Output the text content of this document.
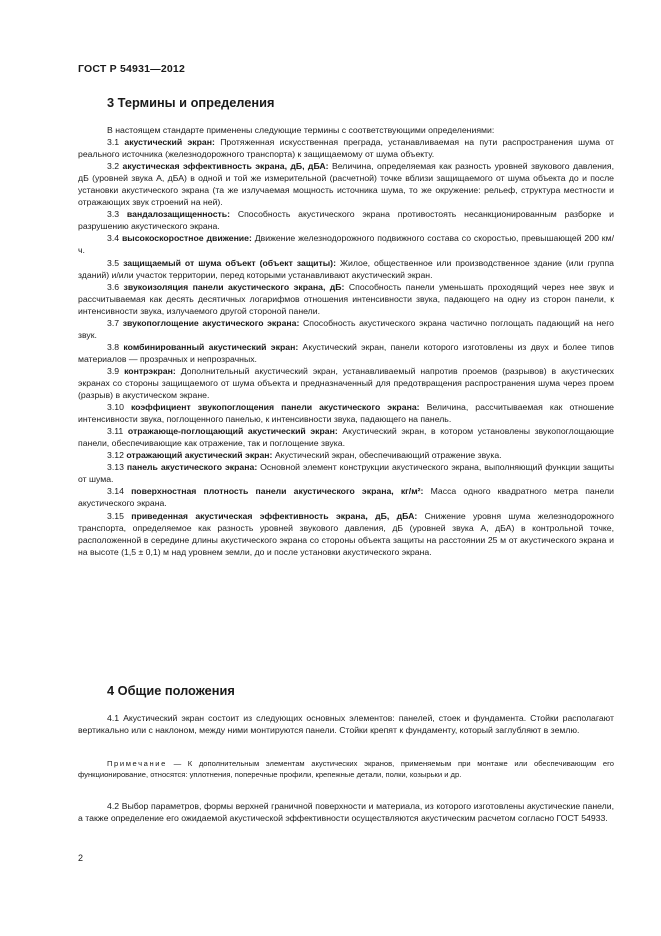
ГОСТ Р 54931—2012
3 Термины и определения

В настоящем стандарте применены следующие термины с соответствующими определениями:

3.1 акустический экран: Протяженная искусственная преграда, устанавливаемая на пути распространения шума от реального источника (железнодорожного транспорта) к защищаемому от шума объекту.

3.2 акустическая эффективность экрана, дБ, дБА: Величина, определяемая как разность уровней звукового давления, дБ (уровней звука А, дБА) в одной и той же измерительной (расчетной) точке вблизи защищаемого от шума объекта до и после установки акустического экрана (та же излучаемая мощность источника шума, то же окружение: рельеф, структура местности и отражающих звук строений на ней).

3.3 вандалозащищенность: Способность акустического экрана противостоять несанкционированным разборке и разрушению акустического экрана.

3.4 высокоскоростное движение: Движение железнодорожного подвижного состава со скоростью, превышающей 200 км/ч.

3.5 защищаемый от шума объект (объект защиты): Жилое, общественное или производственное здание (или группа зданий) и/или участок территории, перед которыми устанавливают акустический экран.

3.6 звукоизоляция панели акустического экрана, дБ: Способность панели уменьшать проходящий через нее звук и рассчитываемая как десять десятичных логарифмов отношения интенсивности звука, падающего на одну из сторон панели, к интенсивности звука, излучаемого другой стороной панели.

3.7 звукопоглощение акустического экрана: Способность акустического экрана частично поглощать падающий на него звук.

3.8 комбинированный акустический экран: Акустический экран, панели которого изготовлены из двух и более типов материалов — прозрачных и непрозрачных.

3.9 контрэкран: Дополнительный акустический экран, устанавливаемый напротив проемов (разрывов) в акустических экранах со стороны защищаемого от шума объекта и предназначенный для предотвращения распространения шума через проем (разрыв) в акустическом экране.

3.10 коэффициент звукопоглощения панели акустического экрана: Величина, рассчитываемая как отношение интенсивности звука, поглощенного панелью, к интенсивности звука, падающего на панель.

3.11 отражающе-поглощающий акустический экран: Акустический экран, в котором установлены звукопоглощающие панели, обеспечивающие как отражение, так и поглощение звука.

3.12 отражающий акустический экран: Акустический экран, обеспечивающий отражение звука.

3.13 панель акустического экрана: Основной элемент конструкции акустического экрана, выполняющий функции защиты от шума.

3.14 поверхностная плотность панели акустического экрана, кг/м²: Масса одного квадратного метра панели акустического экрана.

3.15 приведенная акустическая эффективность экрана, дБ, дБА: Снижение уровня шума железнодорожного транспорта, определяемое как разность уровней звукового давления, дБ (уровней звука А, дБА) в контрольной точке, расположенной в середине длины акустического экрана со стороны объекта защиты на расстоянии 25 м от акустического экрана и на высоте (1,5 ± 0,1) м над уровнем земли, до и после установки акустического экрана.

4 Общие положения

4.1 Акустический экран состоит из следующих основных элементов: панелей, стоек и фундамента. Стойки располагают вертикально или с наклоном, между ними монтируются панели. Стойки крепят к фундаменту, который заглубляют в землю.

Примечание — К дополнительным элементам акустических экранов, применяемым при монтаже или обеспечивающим его функционирование, относятся: уплотнения, поперечные профили, крепежные детали, полки, козырьки и др.

4.2 Выбор параметров, формы верхней граничной поверхности и материала, из которого изготовлены акустические панели, а также определение его ожидаемой акустической эффективности осуществляются акустическим расчетом согласно ГОСТ 54933.

2
